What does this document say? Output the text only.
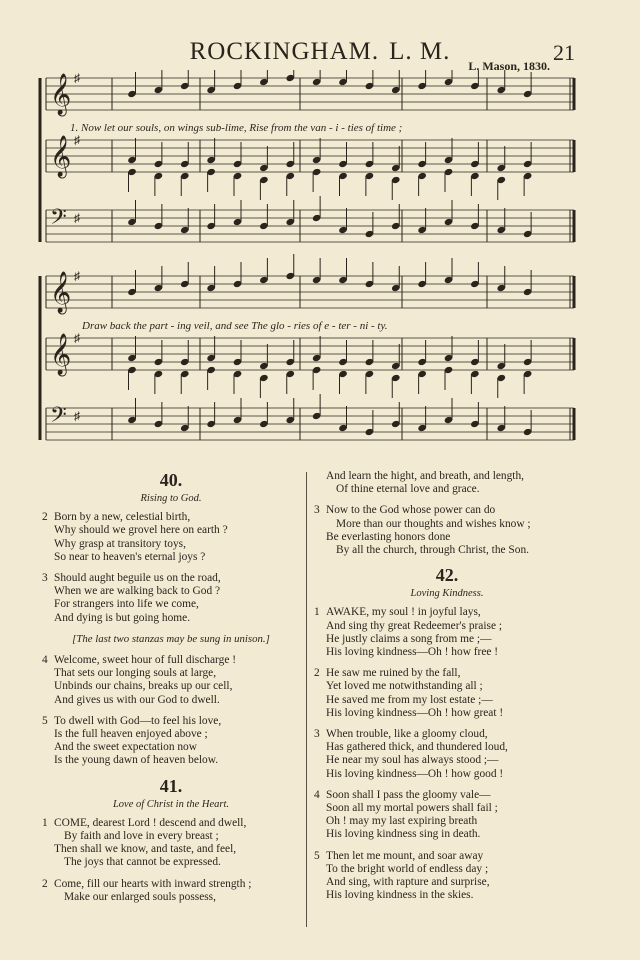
ROCKINGHAM. L. M.	21
L. Mason, 1830.
𝄞 ♯
𝄞 ♯
𝄢 ♯
𝄞 ♯
𝄞 ♯
𝄢 ♯
1. Now let our souls, on wings sub-lime, Rise from the van - i - ties of time ;
Draw back the part - ing veil, and see The glo - ries of e - ter - ni - ty.
40.
Rising to God.
2 Born by a new, celestial birth,
Why should we grovel here on earth ?
Why grasp at transitory toys,
So near to heaven's eternal joys ?
3 Should aught beguile us on the road,
When we are walking back to God ?
For strangers into life we come,
And dying is but going home.
[The last two stanzas may be sung in unison.]
4 Welcome, sweet hour of full discharge !
That sets our longing souls at large,
Unbinds our chains, breaks up our cell,
And gives us with our God to dwell.
5 To dwell with God—to feel his love,
Is the full heaven enjoyed above ;
And the sweet expectation now
Is the young dawn of heaven below.
41.
Love of Christ in the Heart.
1 COME, dearest Lord ! descend and dwell,
By faith and love in every breast ;
Then shall we know, and taste, and feel,
The joys that cannot be expressed.
2 Come, fill our hearts with inward strength ;
Make our enlarged souls possess,
And learn the hight, and breath, and length,
Of thine eternal love and grace.
3 Now to the God whose power can do
More than our thoughts and wishes know ;
Be everlasting honors done
By all the church, through Christ, the Son.
42.
Loving Kindness.
1 AWAKE, my soul ! in joyful lays,
And sing thy great Redeemer's praise ;
He justly claims a song from me ;—
His loving kindness—Oh ! how free !
2 He saw me ruined by the fall,
Yet loved me notwithstanding all ;
He saved me from my lost estate ;—
His loving kindness—Oh ! how great !
3 When trouble, like a gloomy cloud,
Has gathered thick, and thundered loud,
He near my soul has always stood ;—
His loving kindness—Oh ! how good !
4 Soon shall I pass the gloomy vale—
Soon all my mortal powers shall fail ;
Oh ! may my last expiring breath
His loving kindness sing in death.
5 Then let me mount, and soar away
To the bright world of endless day ;
And sing, with rapture and surprise,
His loving kindness in the skies.
